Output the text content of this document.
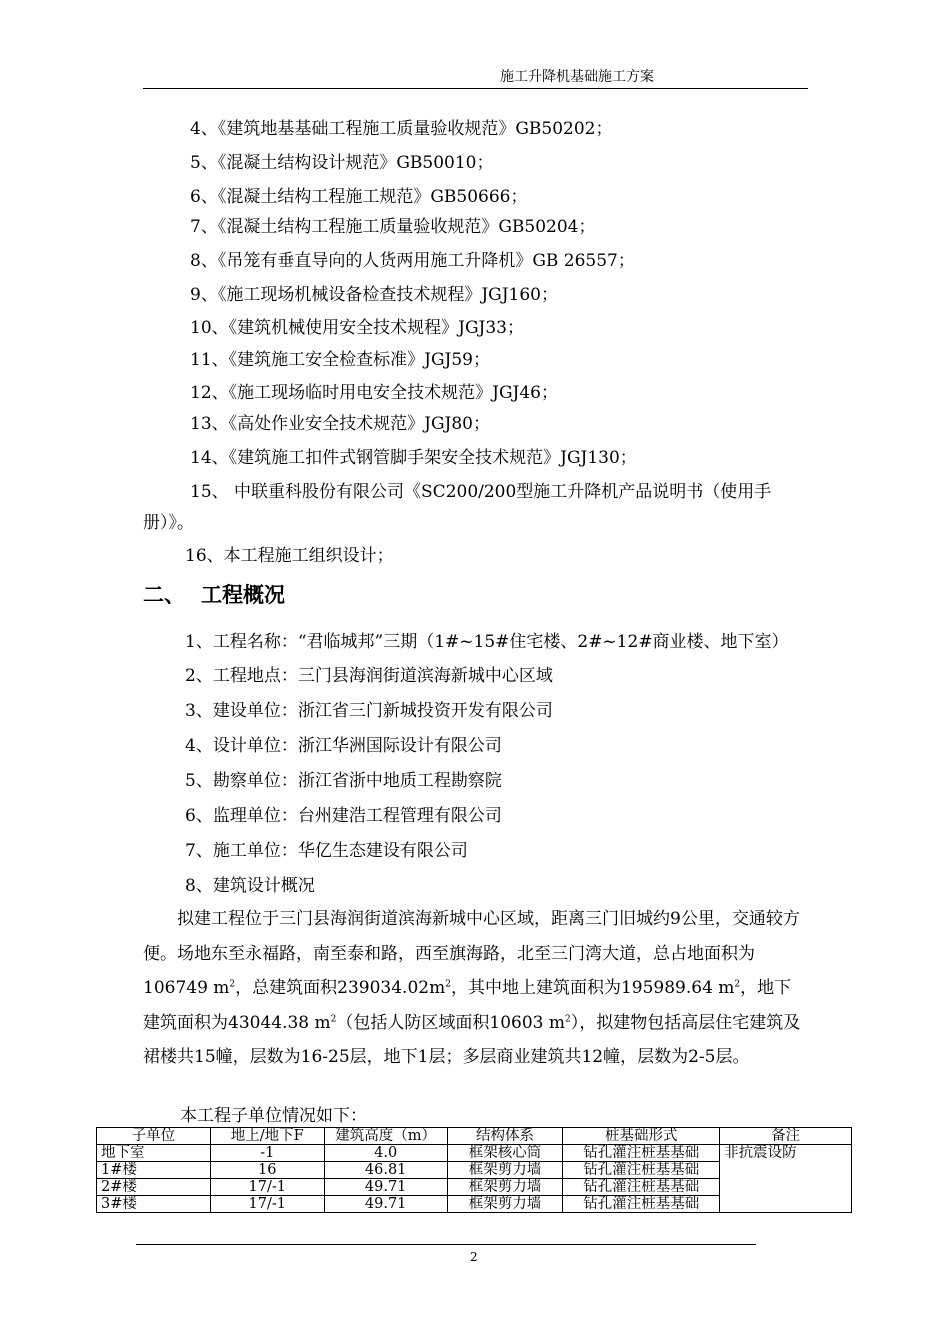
施工升降机基础施工方案
4、《建筑地基基础工程施工质量验收规范》GB50202；
5、《混凝土结构设计规范》GB50010；
6、《混凝土结构工程施工规范》GB50666；
7、《混凝土结构工程施工质量验收规范》GB50204；
8、《吊笼有垂直导向的人货两用施工升降机》GB 26557；
9、《施工现场机械设备检查技术规程》JGJ160；
10、《建筑机械使用安全技术规程》JGJ33；
11、《建筑施工安全检查标准》JGJ59；
12、《施工现场临时用电安全技术规范》JGJ46；
13、《高处作业安全技术规范》JGJ80；
14、《建筑施工扣件式钢管脚手架安全技术规范》JGJ130；
15、 中联重科股份有限公司《SC200/200型施工升降机产品说明书（使用手
册）》。
16、本工程施工组织设计；
二、 工程概况
1、工程名称：“君临城邦”三期（1#~15#住宅楼、2#~12#商业楼、地下室）
2、工程地点：三门县海润街道滨海新城中心区域
3、建设单位：浙江省三门新城投资开发有限公司
4、设计单位：浙江华洲国际设计有限公司
5、勘察单位：浙江省浙中地质工程勘察院
6、监理单位：台州建浩工程管理有限公司
7、施工单位：华亿生态建设有限公司
8、建筑设计概况
拟建工程位于三门县海润街道滨海新城中心区域，距离三门旧城约9公里，交通较方便。场地东至永福路，南至泰和路，西至旗海路，北至三门湾大道，总占地面积为106749 $m^2$，总建筑面积$239034.02m^2$，其中地上建筑面积为195989.64 $m^2$，地下建筑面积为43044.38 $m^2$（包括人防区域面积10603 $m^2$），拟建物包括高层住宅建筑及裙楼共15幢，层数为16-25层，地下1层；多层商业建筑共12幢，层数为2-5层。
本工程子单位情况如下：
子单位	地上/地下F	建筑高度（m）	结构体系	桩基础形式	备注
地下室	-1	4.0	框架核心筒	钻孔灌注桩基基础	非抗震设防
1#楼	16	46.81	框架剪力墙	钻孔灌注桩基基础	
2#楼	17/-1	49.71	框架剪力墙	钻孔灌注桩基基础	
3#楼	17/-1	49.71	框架剪力墙	钻孔灌注桩基基础	
2
